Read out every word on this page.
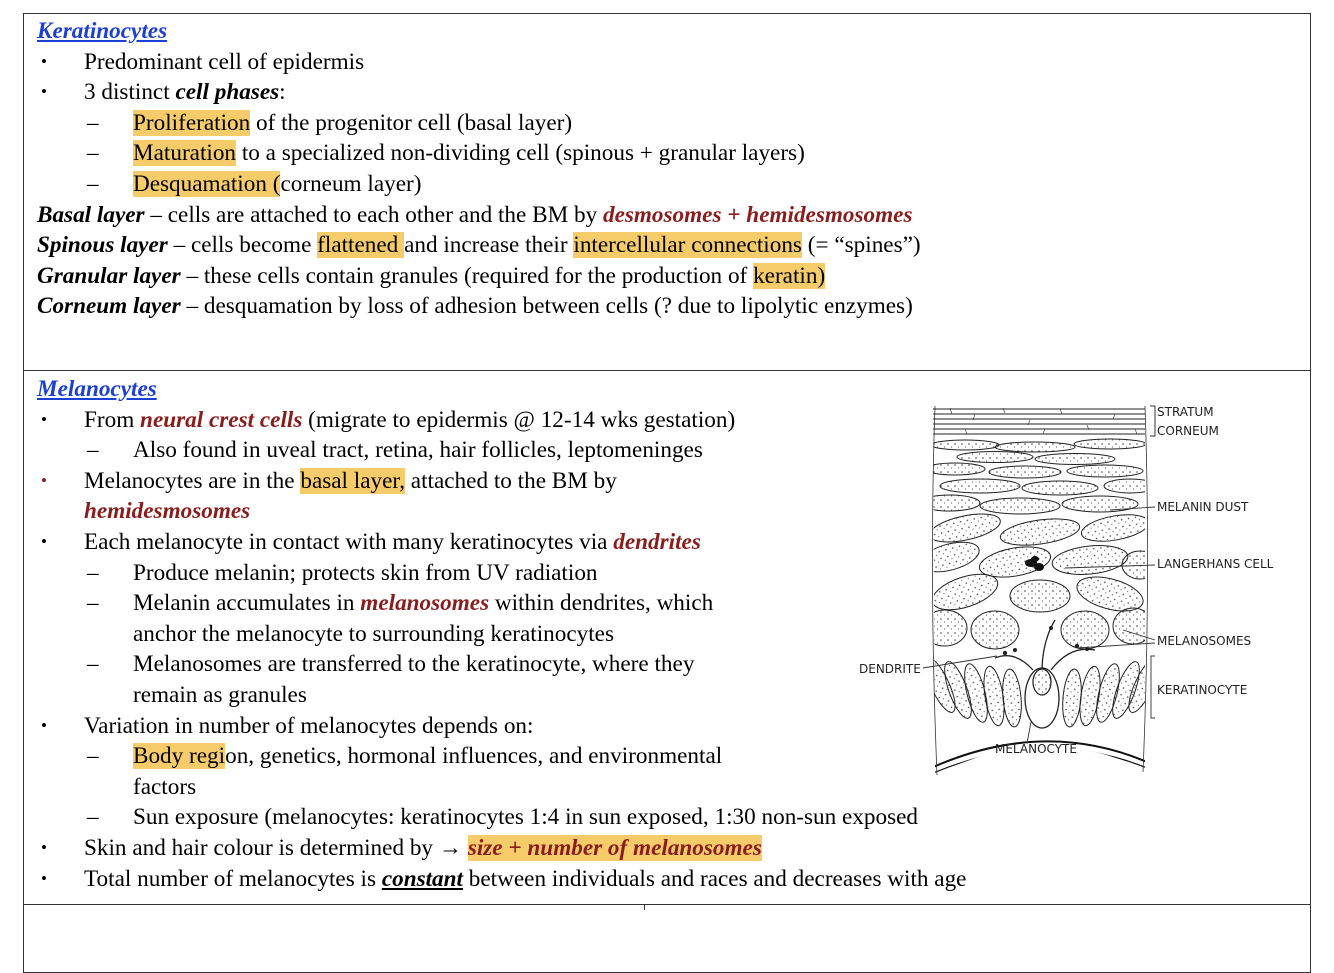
Keratinocytes
• Predominant cell of epidermis
• 3 distinct cell phases:
– Proliferation of the progenitor cell (basal layer)
– Maturation to a specialized non-dividing cell (spinous + granular layers)
– Desquamation (corneum layer)
Basal layer – cells are attached to each other and the BM by desmosomes + hemidesmosomes
Spinous layer – cells become flattened and increase their intercellular connections (= “spines”)
Granular layer – these cells contain granules (required for the production of keratin)
Corneum layer – desquamation by loss of adhesion between cells (? due to lipolytic enzymes)
Melanocytes
• From neural crest cells (migrate to epidermis @ 12-14 wks gestation)
– Also found in uveal tract, retina, hair follicles, leptomeninges
• Melanocytes are in the basal layer, attached to the BM by
hemidesmosomes
• Each melanocyte in contact with many keratinocytes via dendrites
– Produce melanin; protects skin from UV radiation
– Melanin accumulates in melanosomes within dendrites, which
anchor the melanocyte to surrounding keratinocytes
– Melanosomes are transferred to the keratinocyte, where they
remain as granules
• Variation in number of melanocytes depends on:
– Body region, genetics, hormonal influences, and environmental
factors
– Sun exposure (melanocytes: keratinocytes 1:4 in sun exposed, 1:30 non-sun exposed
• Skin and hair colour is determined by → size + number of melanosomes
• Total number of melanocytes is constant between individuals and races and decreases with age
STRATUM
CORNEUM
MELANIN DUST
LANGERHANS CELL
MELANOSOMES
KERATINOCYTE
DENDRITE
MELANOCYTE
